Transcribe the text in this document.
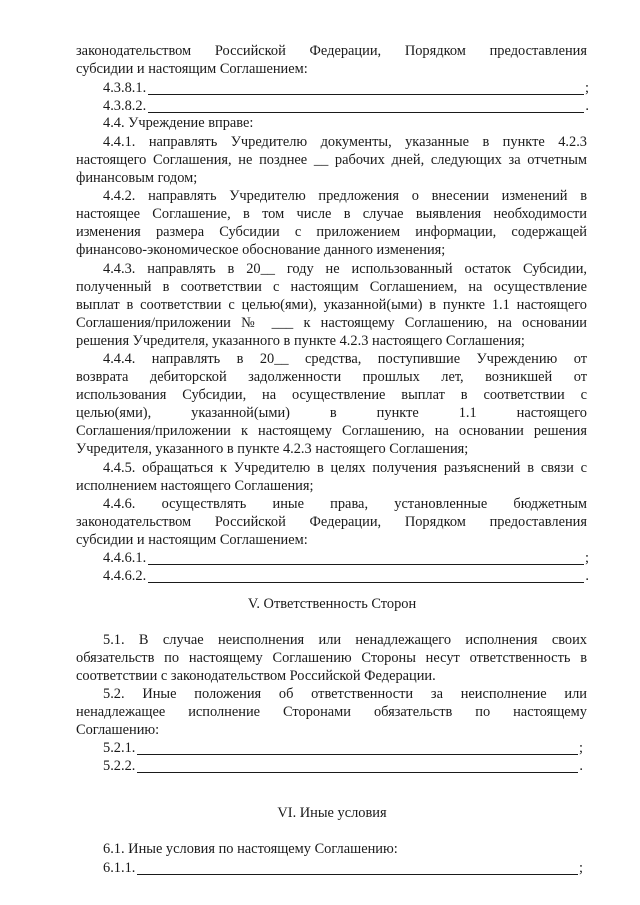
законодательством Российской Федерации, Порядком предоставления
субсидии и настоящим Соглашением:
4.3.8.1.	;
4.3.8.2.	.
4.4. Учреждение вправе:
4.4.1. направлять Учредителю документы, указанные в пункте 4.2.3
настоящего Соглашения, не позднее __ рабочих дней, следующих за отчетным
финансовым годом;
4.4.2. направлять Учредителю предложения о внесении изменений в
настоящее Соглашение, в том числе в случае выявления необходимости
изменения размера Субсидии с приложением информации, содержащей
финансово-экономическое обоснование данного изменения;
4.4.3. направлять в 20__ году не использованный остаток Субсидии,
полученный в соответствии с настоящим Соглашением, на осуществление
выплат в соответствии с целью(ями), указанной(ыми) в пункте 1.1 настоящего
Соглашения/приложении № ___ к настоящему Соглашению, на основании
решения Учредителя, указанного в пункте 4.2.3 настоящего Соглашения;
4.4.4. направлять в 20__ средства, поступившие Учреждению от
возврата дебиторской задолженности прошлых лет, возникшей от
использования Субсидии, на осуществление выплат в соответствии с
целью(ями), указанной(ыми) в пункте 1.1 настоящего
Соглашения/приложении к настоящему Соглашению, на основании решения
Учредителя, указанного в пункте 4.2.3 настоящего Соглашения;
4.4.5. обращаться к Учредителю в целях получения разъяснений в связи с
исполнением настоящего Соглашения;
4.4.6. осуществлять иные права, установленные бюджетным
законодательством Российской Федерации, Порядком предоставления
субсидии и настоящим Соглашением:
4.4.6.1.	;
4.4.6.2.	.
V. Ответственность Сторон
5.1. В случае неисполнения или ненадлежащего исполнения своих
обязательств по настоящему Соглашению Стороны несут ответственность в
соответствии с законодательством Российской Федерации.
5.2. Иные положения об ответственности за неисполнение или
ненадлежащее исполнение Сторонами обязательств по настоящему
Соглашению:
5.2.1.	;
5.2.2.	.
VI. Иные условия
6.1. Иные условия по настоящему Соглашению:
6.1.1.	;
